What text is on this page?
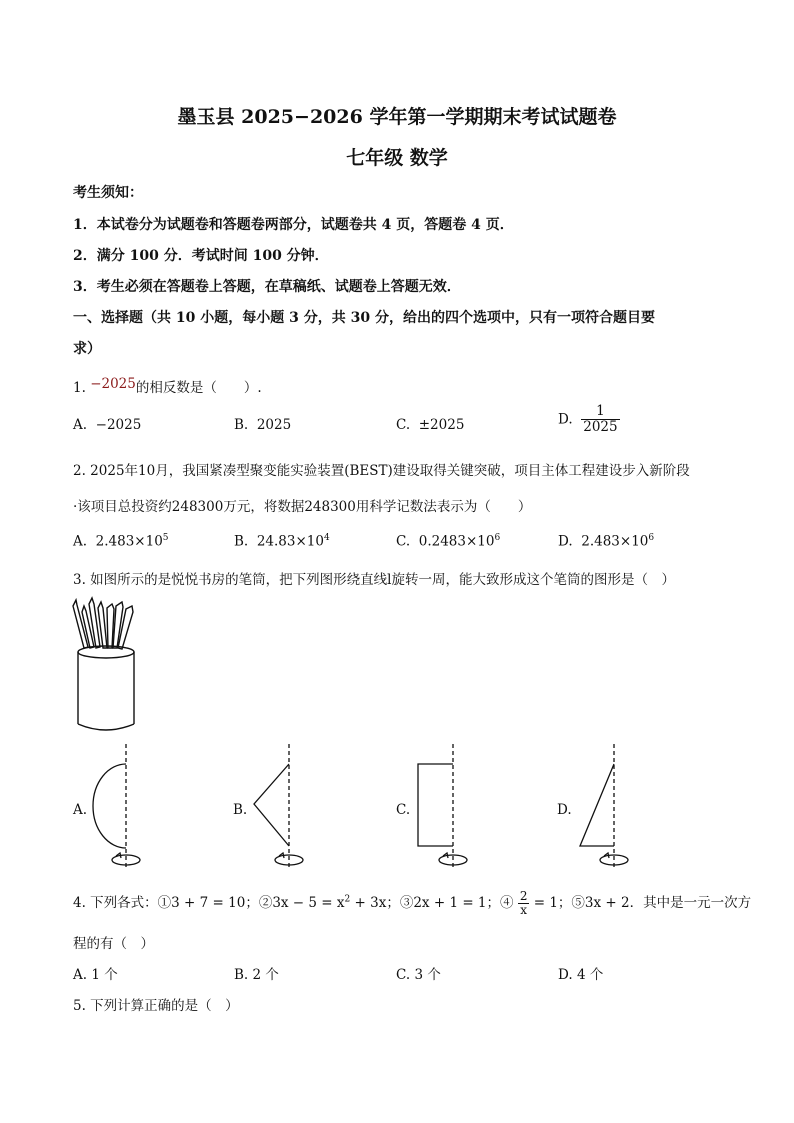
墨玉县 2025−2026 学年第一学期期末考试试题卷
七年级 数学
考生须知：
1．本试卷分为试题卷和答题卷两部分，试题卷共 4 页，答题卷 4 页．
2．满分 100 分．考试时间 100 分钟．
3．考生必须在答题卷上答题，在草稿纸、试题卷上答题无效．
一、选择题（共 10 小题，每小题 3 分，共 30 分，给出的四个选项中，只有一项符合题目要
求）
1. −2025的相反数是（　　）.
A. −2025	B. 2025	C. ±2025	D. $\frac{1}{2025}$
2. 2025年10月，我国紧凑型聚变能实验装置(BEST)建设取得关键突破，项目主体工程建设步入新阶段
·该项目总投资约248300万元，将数据248300用科学记数法表示为（　　）
A. $2.483\times 10^5$	B. $24.83\times 10^4$	C. $0.2483\times 10^6$	D. $2.483\times 10^6$
3. 如图所示的是悦悦书房的笔筒，把下列图形绕直线l旋转一周，能大致形成这个笔筒的图形是（　）
A.	B.	C.	D.
4. 下列各式：①3 + 7 = 10；②3x − $5 = x^2 + 3x$；③2x + 1 = 1；④ $\frac{2}{x} = 1$；⑤3x + 2．其中是一元一次方
程的有（　）
A. 1 个	B. 2 个	C. 3 个	D. 4 个
5. 下列计算正确的是（　）
